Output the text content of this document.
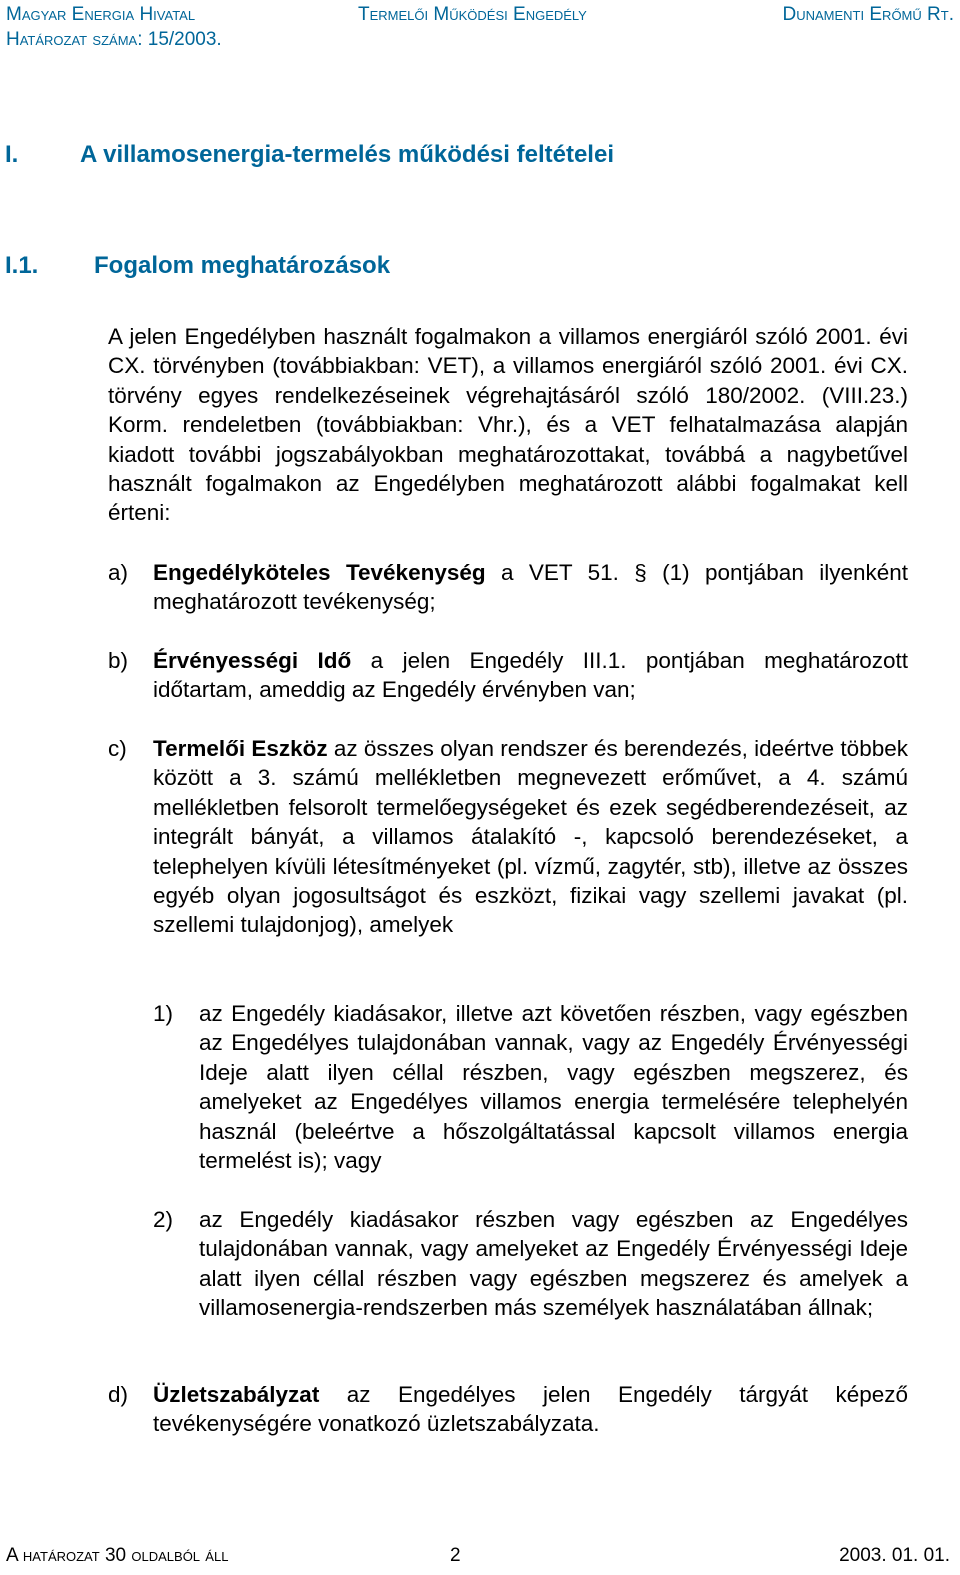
Magyar Energia Hivatal	Termelői Működési Engedély	Dunamenti Erőmű Rt.
Határozat száma: 15/2003.
I.	A villamosenergia-termelés működési feltételei
I.1. Fogalom meghatározások
A jelen Engedélyben használt fogalmakon a villamos energiáról szóló 2001. évi CX. törvényben (továbbiakban: VET), a villamos energiáról szóló 2001. évi CX. törvény egyes rendelkezéseinek végrehajtásáról szóló 180/2002. (VIII.23.) Korm. rendeletben (továbbiakban: Vhr.), és a VET felhatalmazása alapján kiadott további jogszabályokban meghatározottakat, továbbá a nagybetűvel használt fogalmakon az Engedélyben meghatározott alábbi fogalmakat kell érteni:
a) Engedélyköteles Tevékenység a VET 51. § (1) pontjában ilyenként meghatározott tevékenység;
b) Érvényességi Idő a jelen Engedély III.1. pontjában meghatározott időtartam, ameddig az Engedély érvényben van;
c) Termelői Eszköz az összes olyan rendszer és berendezés, ideértve többek között a 3. számú mellékletben megnevezett erőművet, a 4. számú mellékletben felsorolt termelőegységeket és ezek segédberendezéseit, az integrált bányát, a villamos átalakító -, kapcsoló berendezéseket, a telephelyen kívüli létesítményeket (pl. vízmű, zagytér, stb), illetve az összes egyéb olyan jogosultságot és eszközt, fizikai vagy szellemi javakat (pl. szellemi tulajdonjog), amelyek
1) az Engedély kiadásakor, illetve azt követően részben, vagy egészben az Engedélyes tulajdonában vannak, vagy az Engedély Érvényességi Ideje alatt ilyen céllal részben, vagy egészben megszerez, és amelyeket az Engedélyes villamos energia termelésére telephelyén használ (beleértve a hőszolgáltatással kapcsolt villamos energia termelést is); vagy
2) az Engedély kiadásakor részben vagy egészben az Engedélyes tulajdonában vannak, vagy amelyeket az Engedély Érvényességi Ideje alatt ilyen céllal részben vagy egészben megszerez és amelyek a villamosenergia-rendszerben más személyek használatában állnak;
d) Üzletszabályzat az Engedélyes jelen Engedély tárgyát képező tevékenységére vonatkozó üzletszabályzata.
A határozat 30 oldalból áll	2	2003. 01. 01.
